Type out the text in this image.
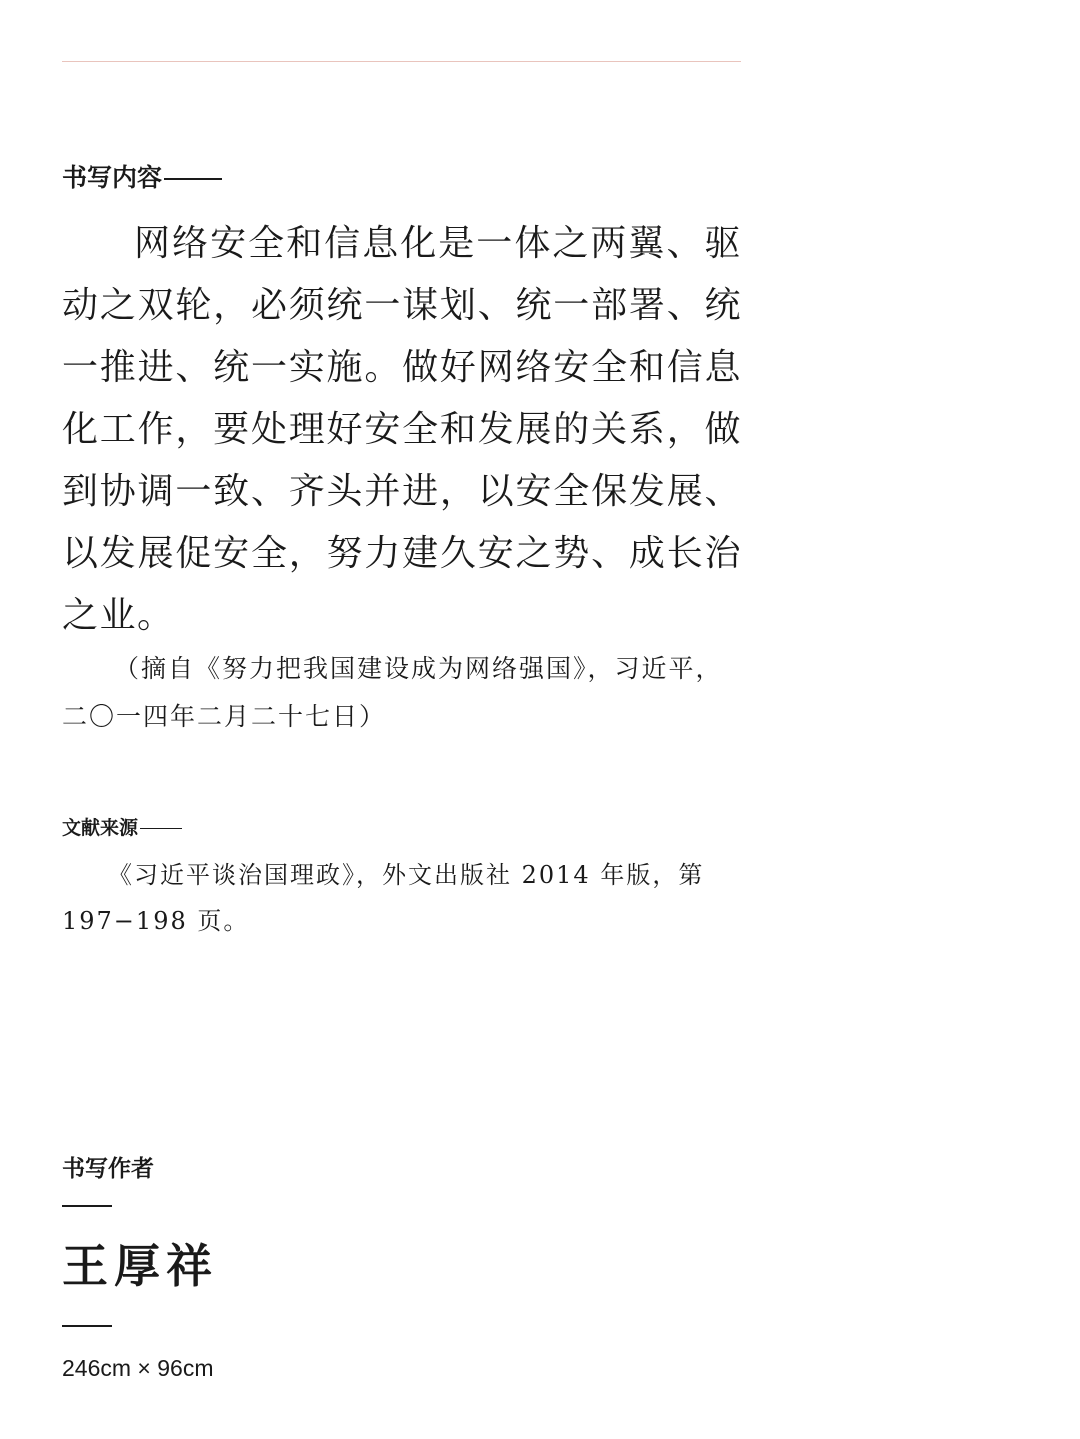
书写内容

网络安全和信息化是一体之两翼、驱动之双轮，必须统一谋划、统一部署、统一推进、统一实施。做好网络安全和信息化工作，要处理好安全和发展的关系，做到协调一致、齐头并进，以安全保发展、以发展促安全，努力建久安之势、成长治之业。

（摘自《努力把我国建设成为网络强国》，习近平，二〇一四年二月二十七日）

文献来源

《习近平谈治国理政》，外文出版社 2014 年版，第 197−198 页。

书写作者

王厚祥

246cm × 96cm
